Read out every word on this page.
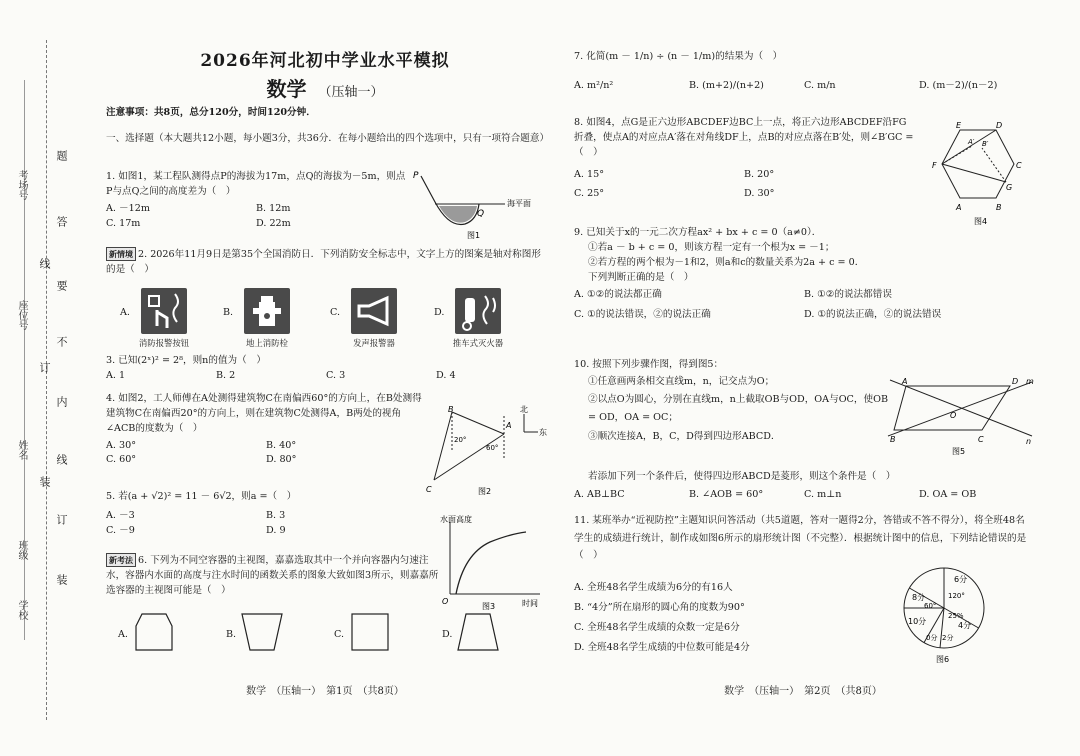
2026年河北初中学业水平模拟
数学 （压轴一）
注意事项：共8页，总分120分，时间120分钟．
一、选择题（本大题共12小题，每小题3分，共36分．在每小题给出的四个选项中，只有一项符合题意）
1. 如图1，某工程队测得点P的海拔为17m，点Q的海拔为－5m，则点P与点Q之间的高度差为（　）
A. －12m	B. 12m
C. 17m	D. 22m
P
Q
海平面
图1
新情境 2. 2026年11月9日是第35个全国消防日．下列消防安全标志中，文字上方的图案是轴对称图形的是（　）
A.
消防报警按钮
B.
地上消防栓
C.
发声报警器
D.
推车式灭火器
3. 已知(2ˣ)² = 2⁸，则n的值为（　）
A. 1	B. 2	C. 3	D. 4
4. 如图2，工人师傅在A处测得建筑物C在南偏西60°的方向上，在B处测得建筑物C在南偏西20°的方向上，则在建筑物C处测得A，B两处的视角∠ACB的度数为（　）
A. 30°	B. 40°
C. 60°	D. 80°
B
A
C
20°
60°
北
东
图2
5. 若(a + √2)² = 11 － 6√2，则a =（　）
A. －3	B. 3
C. －9	D. 9
水面高度
时间
O
图3
新考法 6. 下列为不同空容器的主视图，嘉嘉选取其中一个并向容器内匀速注水，容器内水面的高度与注水时间的函数关系的图象大致如图3所示，则嘉嘉所选容器的主视图可能是（　）
A.	B.	C.	D.
数学　（压轴一）　第1页　（共8页）
7. 化简(m － 1/n) ÷ (n － 1/m)的结果为（　）
A. m²/n²	B. (m+2)/(n+2)	C. m/n	D. (m－2)/(n－2)
8. 如图4，点G是正六边形ABCDEF边BC上一点，将正六边形ABCDEF沿FG折叠，使点A的对应点A′落在对角线DF上，点B的对应点落在B′处，则∠B′GC =（　）
A. 15°	B. 20°
C. 25°	D. 30°
E	D
C
G
B
A
F
A′ B′
图4
9. 已知关于x的一元二次方程ax² + bx + c = 0（a≠0）．
①若a － b + c = 0，则该方程一定有一个根为x = －1；
②若方程的两个根为－1和2，则a和c的数量关系为2a + c = 0．
下列判断正确的是（　）
A. ①②的说法都正确	B. ①②的说法都错误
C. ①的说法错误，②的说法正确	D. ①的说法正确，②的说法错误
10. 按照下列步骤作图，得到图5：
①任意画两条相交直线m，n，记交点为O；
②以点O为圆心，分别在直线m，n上截取OB与OD，OA与OC，使OB = OD，OA = OC；
③顺次连接A，B，C，D得到四边形ABCD．
若添加下列一个条件后，使得四边形ABCD是菱形，则这个条件是（　）
A. AB⊥BC	B. ∠AOB = 60°	C. m⊥n	D. OA = OB
A	D m
B	C	n
O
图5
11. 某班举办“近视防控”主题知识问答活动（共5道题，答对一题得2分，答错或不答不得分），将全班48名学生的成绩进行统计，制作成如图6所示的扇形统计图（不完整）．根据统计图中的信息，下列结论错误的是（　）
A. 全班48名学生成绩为6分的有16人
B. “4分”所在扇形的圆心角的度数为90°
C. 全班48名学生成绩的众数一定是6分
D. 全班48名学生成绩的中位数可能是4分
6分
120°
8分
60°
25%
4分
10分
0分 2分
图6
数学　（压轴一）　第2页　（共8页）
题
答
要
不
内
线
订
装
线
订
装
考场号
座位号
姓名
班级
学校
